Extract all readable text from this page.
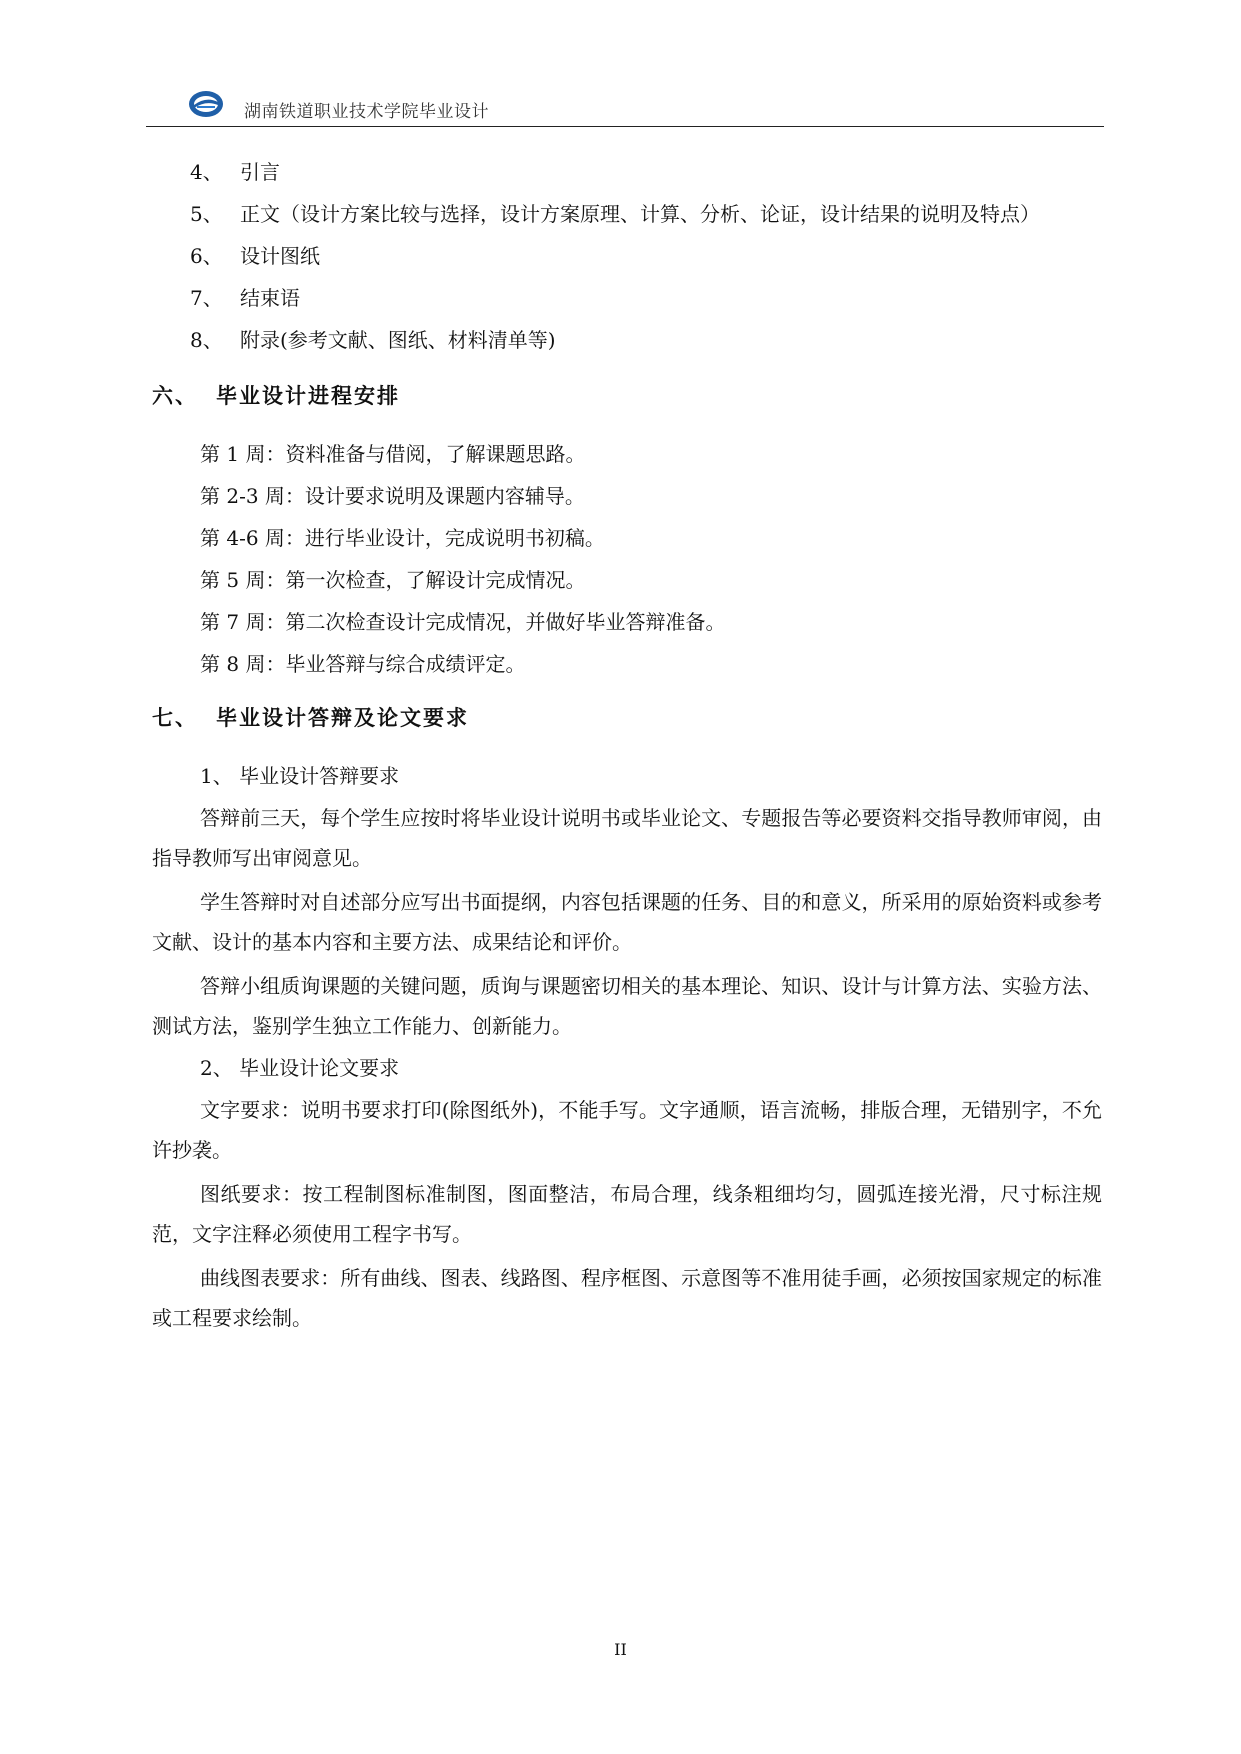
湖南铁道职业技术学院毕业设计
4、 引言
5、 正文（设计方案比较与选择，设计方案原理、计算、分析、论证，设计结果的说明及特点）
6、 设计图纸
7、 结束语
8、 附录(参考文献、图纸、材料清单等)
六、 毕业设计进程安排
第 1 周：资料准备与借阅，了解课题思路。
第 2-3 周：设计要求说明及课题内容辅导。
第 4-6 周：进行毕业设计，完成说明书初稿。
第 5 周：第一次检查，了解设计完成情况。
第 7 周：第二次检查设计完成情况，并做好毕业答辩准备。
第 8 周：毕业答辩与综合成绩评定。
七、 毕业设计答辩及论文要求
1、 毕业设计答辩要求
答辩前三天，每个学生应按时将毕业设计说明书或毕业论文、专题报告等必要资料交指导教师审阅，由指导教师写出审阅意见。
学生答辩时对自述部分应写出书面提纲，内容包括课题的任务、目的和意义，所采用的原始资料或参考文献、设计的基本内容和主要方法、成果结论和评价。
答辩小组质询课题的关键问题，质询与课题密切相关的基本理论、知识、设计与计算方法、实验方法、测试方法，鉴别学生独立工作能力、创新能力。
2、 毕业设计论文要求
文字要求：说明书要求打印(除图纸外)，不能手写。文字通顺，语言流畅，排版合理，无错别字，不允许抄袭。
图纸要求：按工程制图标准制图，图面整洁，布局合理，线条粗细均匀，圆弧连接光滑，尺寸标注规范，文字注释必须使用工程字书写。
曲线图表要求：所有曲线、图表、线路图、程序框图、示意图等不准用徒手画，必须按国家规定的标准或工程要求绘制。
II
